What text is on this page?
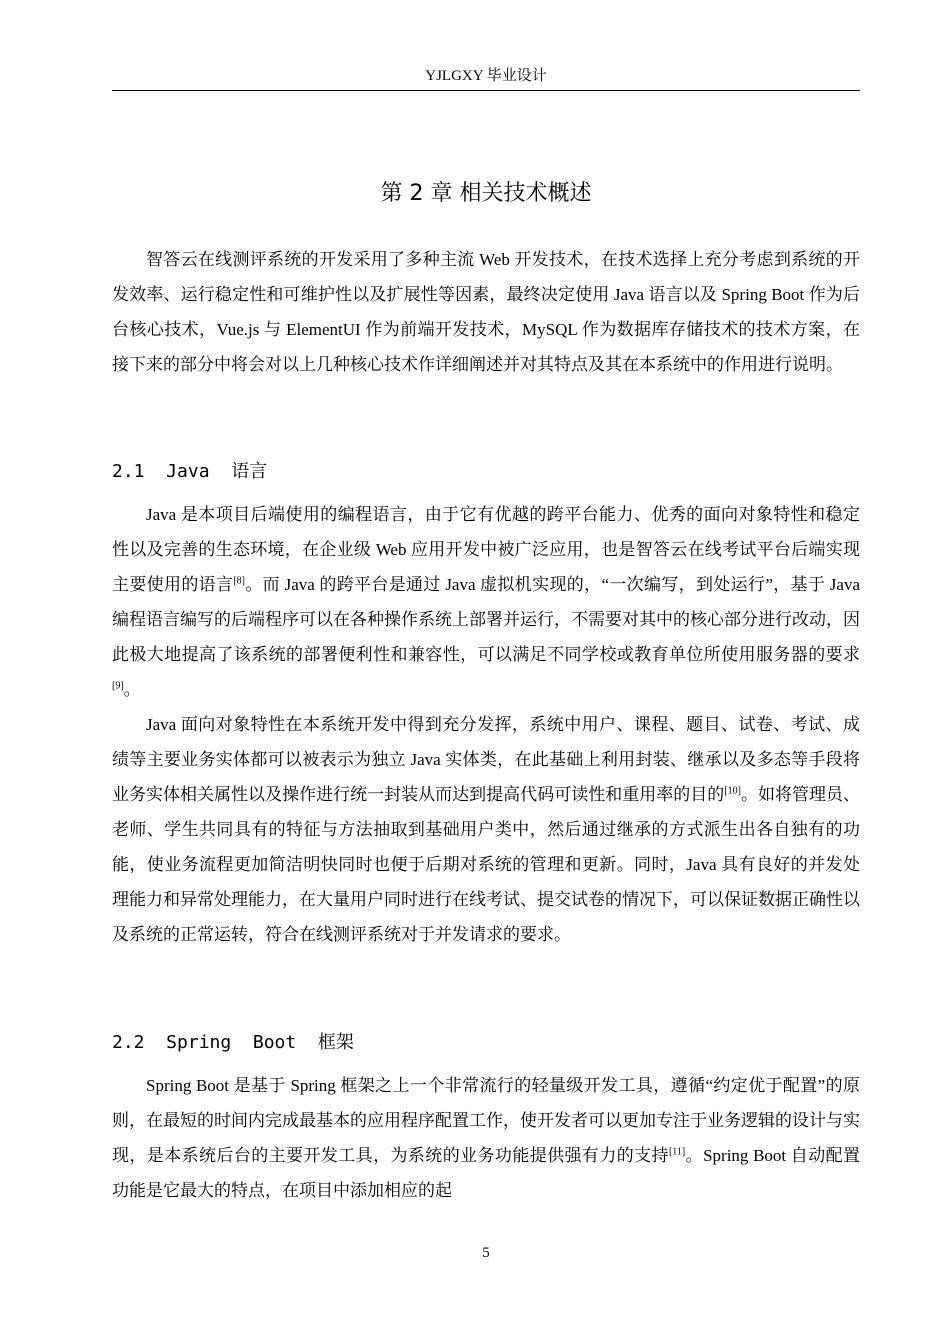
YJLGXY 毕业设计
第 2 章 相关技术概述

智答云在线测评系统的开发采用了多种主流 Web 开发技术，在技术选择上充分考虑到系统的开发效率、运行稳定性和可维护性以及扩展性等因素，最终决定使用 Java 语言以及 Spring Boot 作为后台核心技术，Vue.js 与 ElementUI 作为前端开发技术，MySQL 作为数据库存储技术的技术方案，在接下来的部分中将会对以上几种核心技术作详细阐述并对其特点及其在本系统中的作用进行说明。

2.1  Java  语言

Java 是本项目后端使用的编程语言，由于它有优越的跨平台能力、优秀的面向对象特性和稳定性以及完善的生态环境，在企业级 Web 应用开发中被广泛应用，也是智答云在线考试平台后端实现主要使用的语言[8]。而 Java 的跨平台是通过 Java 虚拟机实现的，“一次编写，到处运行”，基于 Java 编程语言编写的后端程序可以在各种操作系统上部署并运行，不需要对其中的核心部分进行改动，因此极大地提高了该系统的部署便利性和兼容性，可以满足不同学校或教育单位所使用服务器的要求[9]。

Java 面向对象特性在本系统开发中得到充分发挥，系统中用户、课程、题目、试卷、考试、成绩等主要业务实体都可以被表示为独立 Java 实体类，在此基础上利用封装、继承以及多态等手段将业务实体相关属性以及操作进行统一封装从而达到提高代码可读性和重用率的目的[10]。如将管理员、老师、学生共同具有的特征与方法抽取到基础用户类中，然后通过继承的方式派生出各自独有的功能，使业务流程更加简洁明快同时也便于后期对系统的管理和更新。同时，Java 具有良好的并发处理能力和异常处理能力，在大量用户同时进行在线考试、提交试卷的情况下，可以保证数据正确性以及系统的正常运转，符合在线测评系统对于并发请求的要求。

2.2  Spring  Boot  框架

Spring Boot 是基于 Spring 框架之上一个非常流行的轻量级开发工具，遵循“约定优于配置”的原则，在最短的时间内完成最基本的应用程序配置工作，使开发者可以更加专注于业务逻辑的设计与实现，是本系统后台的主要开发工具，为系统的业务功能提供强有力的支持[11]。Spring Boot 自动配置功能是它最大的特点，在项目中添加相应的起

5
